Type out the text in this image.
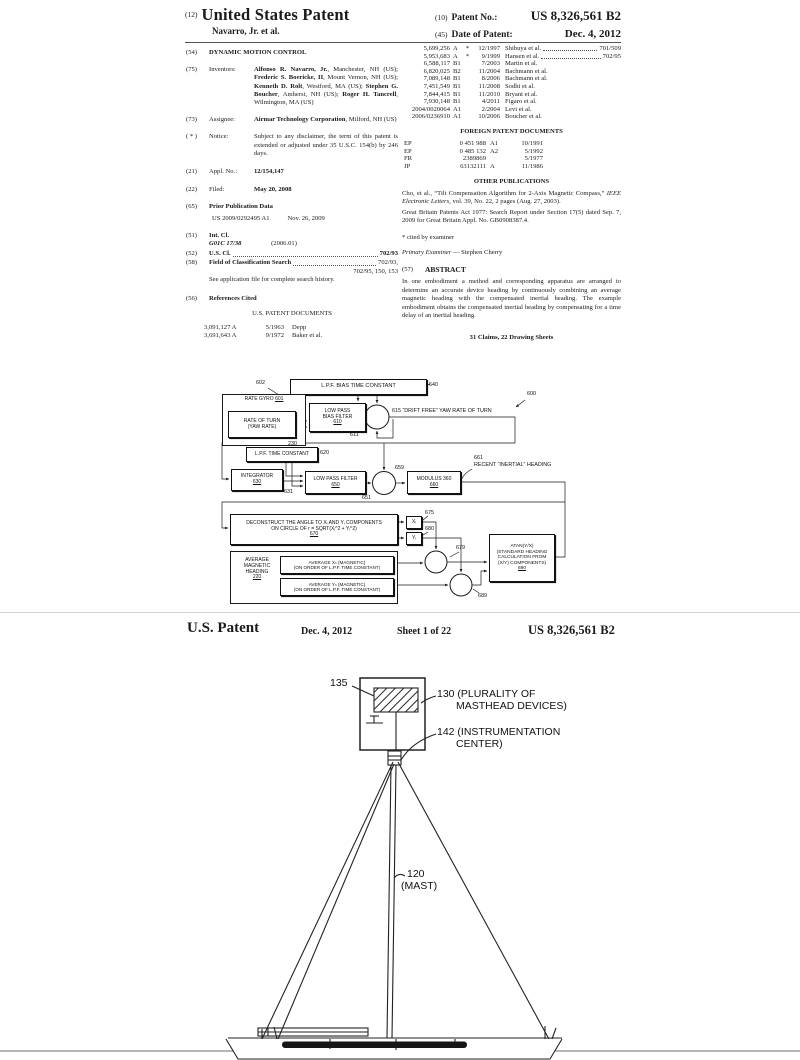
(12) United States Patent
Navarro, Jr. et al.
(10) Patent No.:	US 8,326,561 B2
(45) Date of Patent:	Dec. 4, 2012
(54)	DYNAMIC MOTION CONTROL
(75)	Inventors:	Alfonso R. Navarro, Jr., Manchester, NH (US); Frederic S. Boericke, II, Mount Vernon, NH (US); Kenneth D. Rolt, Westford, MA (US); Stephen G. Boucher, Amherst, NH (US); Roger H. Tancrell, Wilmington, MA (US)
(73)	Assignee:	Airmar Technology Corporation, Milford, NH (US)
( * )	Notice:	Subject to any disclaimer, the term of this patent is extended or adjusted under 35 U.S.C. 154(b) by 246 days.
(21)	Appl. No.:	12/154,147
(22)	Filed:	May 20, 2008
(65)	Prior Publication Data
US 2009/0292495 A1	Nov. 26, 2009
(51)	Int. Cl.
G01C 17/38	(2006.01)
(52)	U.S. Cl.	702/93
(58)	Field of Classification Search	702/93,
702/95, 150, 153
See application file for complete search history.
(56)	References Cited
U.S. PATENT DOCUMENTS
3,091,127 A	5/1963	Depp
3,691,643 A	9/1972	Baker et al.
5,699,256 A	*	12/1997 Shibuya et al.	701/509
5,953,683 A	*	9/1999 Hansen et al.	702/95
6,588,117 B1	7/2003 Martin et al.
6,820,025 B2	11/2004 Bachmann et al.
7,089,148 B1	8/2006 Bachmann et al.
7,451,549 B1	11/2008 Sodhi et al.
7,844,415 B1	11/2010 Bryant et al.
7,930,148 B1	4/2011 Figaro et al.
2004/0020064 A1	2/2004 Levi et al.
2006/0236910 A1	10/2006 Boucher et al.
FOREIGN PATENT DOCUMENTS
EP	0 451 988 A1	10/1991
EP	0 485 132 A2	5/1992
FR	2389869	5/1977
JP	63132111 A	11/1986
OTHER PUBLICATIONS
Cho, et al., “Tilt Compensation Algorithm for 2-Axis Magnetic Compass,” IEEE Electronic Letters, vol. 39, No. 22, 2 pages (Aug. 27, 2003).
Great Britain Patents Act 1977: Search Report under Section 17(5) dated Sep. 7, 2009 for Great Britain Appl. No. GB0908387.4.
* cited by examiner
Primary Examiner — Stephen Cherry
(57)	ABSTRACT
In one embodiment a method and corresponding apparatus are arranged to determine an accurate device heading by continuously combining an average magnetic heading with the compensated inertial heading. The example embodiment obtains the compensated inertial heading by compensating for a time delay of an inertial heading.
31 Claims, 22 Drawing Sheets
602
L.P.F. BIAS TIME CONSTANT	640
RATE GYRO 601
RATE OF TURN
(YAW RATE)
230
LOW PASS
BIAS FILTER
610
611
615 “DRIFT FREE” YAW RATE OF TURN
600
L.P.F. TIME CONSTANT	620
INTEGRATOR
630
631
LOW PASS FILTER
650
651
659
MODULUS 360
660
661
RECENT “INERTIAL” HEADING
DECONSTRUCT THE ANGLE TO Xᵢ AND Yᵢ COMPONENTS
ON CIRCLE OF r = SQRT(Xᵢ^2 + Yᵢ^2)
670
Xᵢ
675
Yᵢ
680
679
689
AVERAGE MAGNETIC HEADING
220
AVERAGE Xₕ (MAGNETIC)
(ON ORDER OF L.P.F. TIME CONSTANT)
AVERAGE Yₕ (MAGNETIC)
(ON ORDER OF L.P.F. TIME CONSTANT)
ATAN(Y/X)
(STANDARD HEADING
CALCULATION FROM
(X/Y) COMPONENTS)
690
U.S. Patent	Dec. 4, 2012	Sheet 1 of 22	US 8,326,561 B2
135
130 (PLURALITY OF
MASTHEAD DEVICES)
142 (INSTRUMENTATION
CENTER)
120
(MAST)
